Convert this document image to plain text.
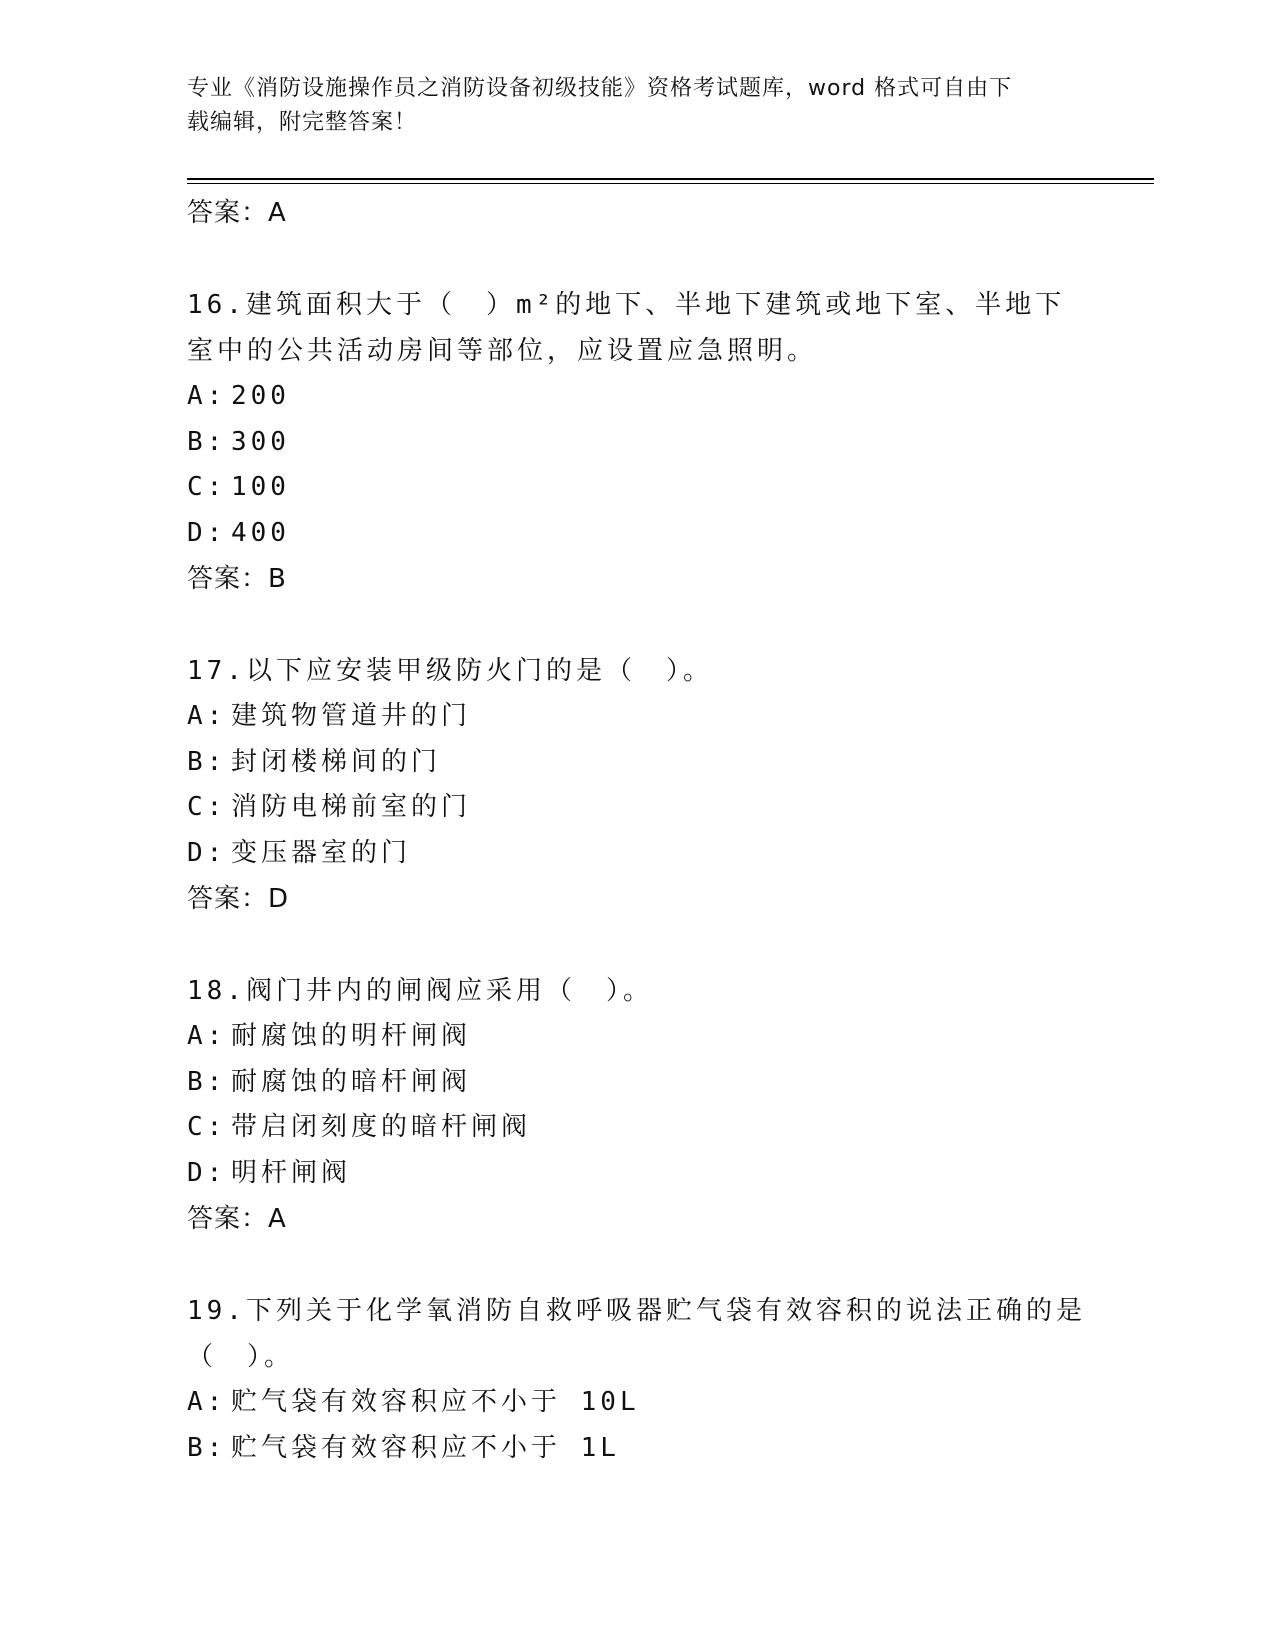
专业《消防设施操作员之消防设备初级技能》资格考试题库，word 格式可自由下
载编辑，附完整答案！
答案：A

16.建筑面积大于（　）m²的地下、半地下建筑或地下室、半地下室中的公共活动房间等部位，应设置应急照明。

A: 200
B: 300
C: 100
D: 400
答案：B

17.以下应安装甲级防火门的是（　）。

A: 建筑物管道井的门
B: 封闭楼梯间的门
C: 消防电梯前室的门
D: 变压器室的门
答案：D

18.阀门井内的闸阀应采用（　）。

A: 耐腐蚀的明杆闸阀
B: 耐腐蚀的暗杆闸阀
C: 带启闭刻度的暗杆闸阀
D: 明杆闸阀
答案：A

19.下列关于化学氧消防自救呼吸器贮气袋有效容积的说法正确的是（　）。

A: 贮气袋有效容积应不小于 10L
B: 贮气袋有效容积应不小于 1L
